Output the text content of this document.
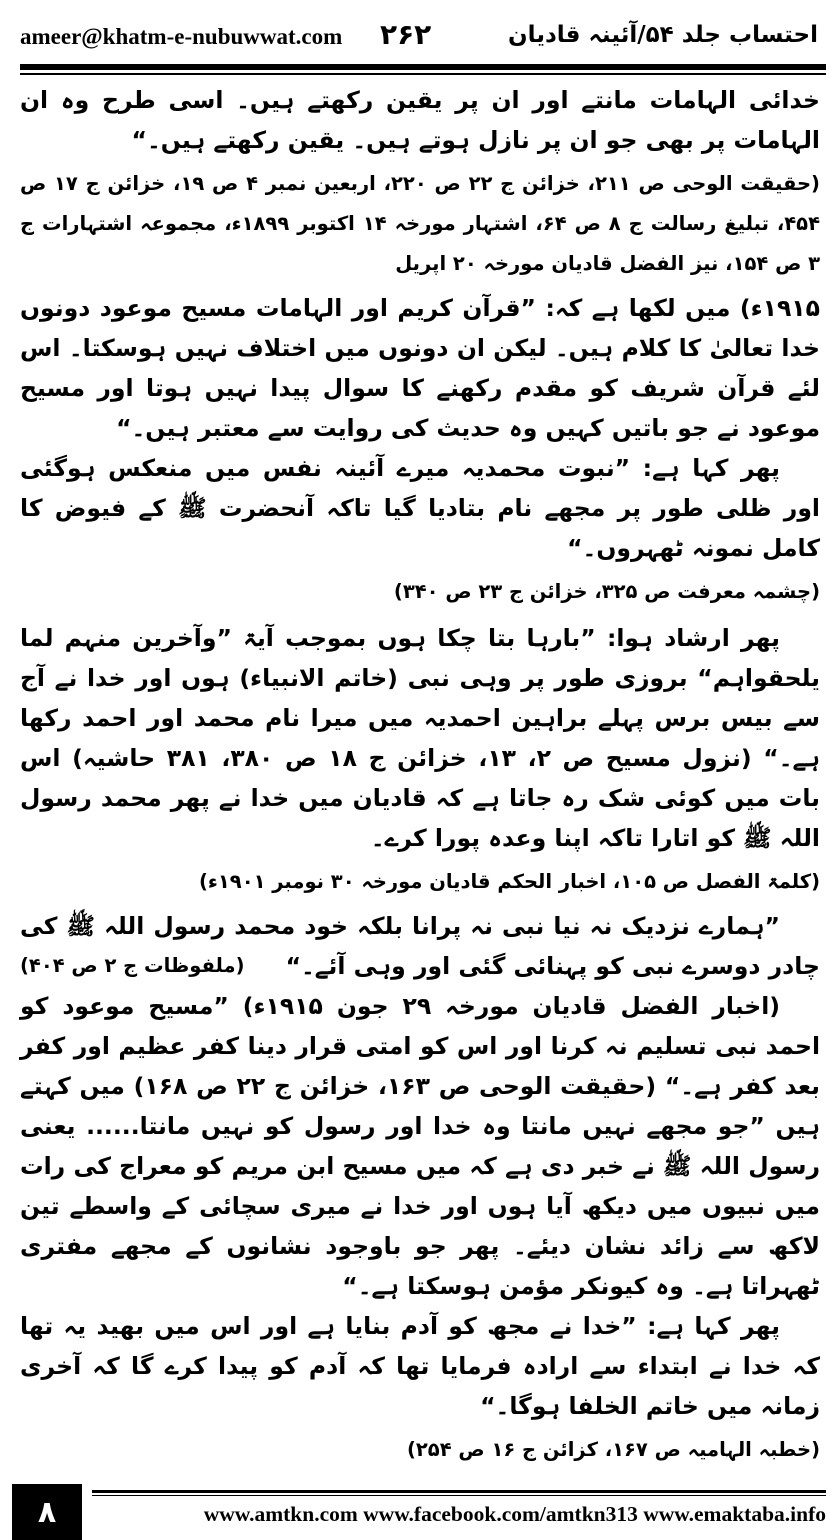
ameer@khatm-e-nubuwwat.com ۲۶۲	احتساب جلد ۵۴/آئینہ قادیان

خدائی الہامات مانتے اور ان پر یقین رکھتے ہیں۔ اسی طرح وہ ان الہامات پر بھی جو ان پر نازل ہوتے ہیں۔ یقین رکھتے ہیں۔“

(حقیقت الوحی ص ۲۱۱، خزائن ج ۲۲ ص ۲۲۰، اربعین نمبر ۴ ص ۱۹، خزائن ج ۱۷ ص ۴۵۴، تبلیغ رسالت ج ۸ ص ۶۴، اشتہار مورخہ ۱۴ اکتوبر ۱۸۹۹ء، مجموعہ اشتہارات ج ۳ ص ۱۵۴، نیز الفضل قادیان مورخہ ۲۰ اپریل

۱۹۱۵ء) میں لکھا ہے کہ: ”قرآن کریم اور الہامات مسیح موعود دونوں خدا تعالیٰ کا کلام ہیں۔ لیکن ان دونوں میں اختلاف نہیں ہوسکتا۔ اس لئے قرآن شریف کو مقدم رکھنے کا سوال پیدا نہیں ہوتا اور مسیح موعود نے جو باتیں کہیں وہ حدیث کی روایت سے معتبر ہیں۔“

پھر کہا ہے: ”نبوت محمدیہ میرے آئینہ نفس میں منعکس ہوگئی اور ظلی طور پر مجھے نام بتادیا گیا تاکہ آنحضرت ﷺ کے فیوض کا کامل نمونہ ٹھہروں۔“

(چشمہ معرفت ص ۳۲۵، خزائن ج ۲۳ ص ۳۴۰)

پھر ارشاد ہوا: ”بارہا بتا چکا ہوں بموجب آیۃ ”وآخرین منہم لما یلحقواہم“ بروزی طور پر وہی نبی (خاتم الانبیاء) ہوں اور خدا نے آج سے بیس برس پہلے براہین احمدیہ میں میرا نام محمد اور احمد رکھا ہے۔“ (نزول مسیح ص ۲، ۱۳، خزائن ج ۱۸ ص ۳۸۰، ۳۸۱ حاشیہ) اس بات میں کوئی شک رہ جاتا ہے کہ قادیان میں خدا نے پھر محمد رسول اللہ ﷺ کو اتارا تاکہ اپنا وعدہ پورا کرے۔

(کلمۃ الفصل ص ۱۰۵، اخبار الحکم قادیان مورخہ ۳۰ نومبر ۱۹۰۱ء)

”ہمارے نزدیک نہ نیا نبی نہ پرانا بلکہ خود محمد رسول اللہ ﷺ کی چادر دوسرے نبی کو پہنائی گئی اور وہی آئے۔“
(ملفوظات ج ۲ ص ۴۰۴)

(اخبار الفضل قادیان مورخہ ۲۹ جون ۱۹۱۵ء) ”مسیح موعود کو احمد نبی تسلیم نہ کرنا اور اس کو امتی قرار دینا کفر عظیم اور کفر بعد کفر ہے۔“ (حقیقت الوحی ص ۱۶۳، خزائن ج ۲۲ ص ۱۶۸) میں کہتے ہیں ”جو مجھے نہیں مانتا وہ خدا اور رسول کو نہیں مانتا...... یعنی رسول اللہ ﷺ نے خبر دی ہے کہ میں مسیح ابن مریم کو معراج کی رات میں نبیوں میں دیکھ آیا ہوں اور خدا نے میری سچائی کے واسطے تین لاکھ سے زائد نشان دیئے۔ پھر جو باوجود نشانوں کے مجھے مفتری ٹھہراتا ہے۔ وہ کیونکر مؤمن ہوسکتا ہے۔“

پھر کہا ہے: ”خدا نے مجھ کو آدم بنایا ہے اور اس میں بھید یہ تھا کہ خدا نے ابتداء سے ارادہ فرمایا تھا کہ آدم کو پیدا کرے گا کہ آخری زمانہ میں خاتم الخلفا ہوگا۔“

(خطبہ الہامیہ ص ۱۶۷، کزائن ج ۱۶ ص ۲۵۴)

۸	www.amtkn.com www.facebook.com/amtkn313 www.emaktaba.info
